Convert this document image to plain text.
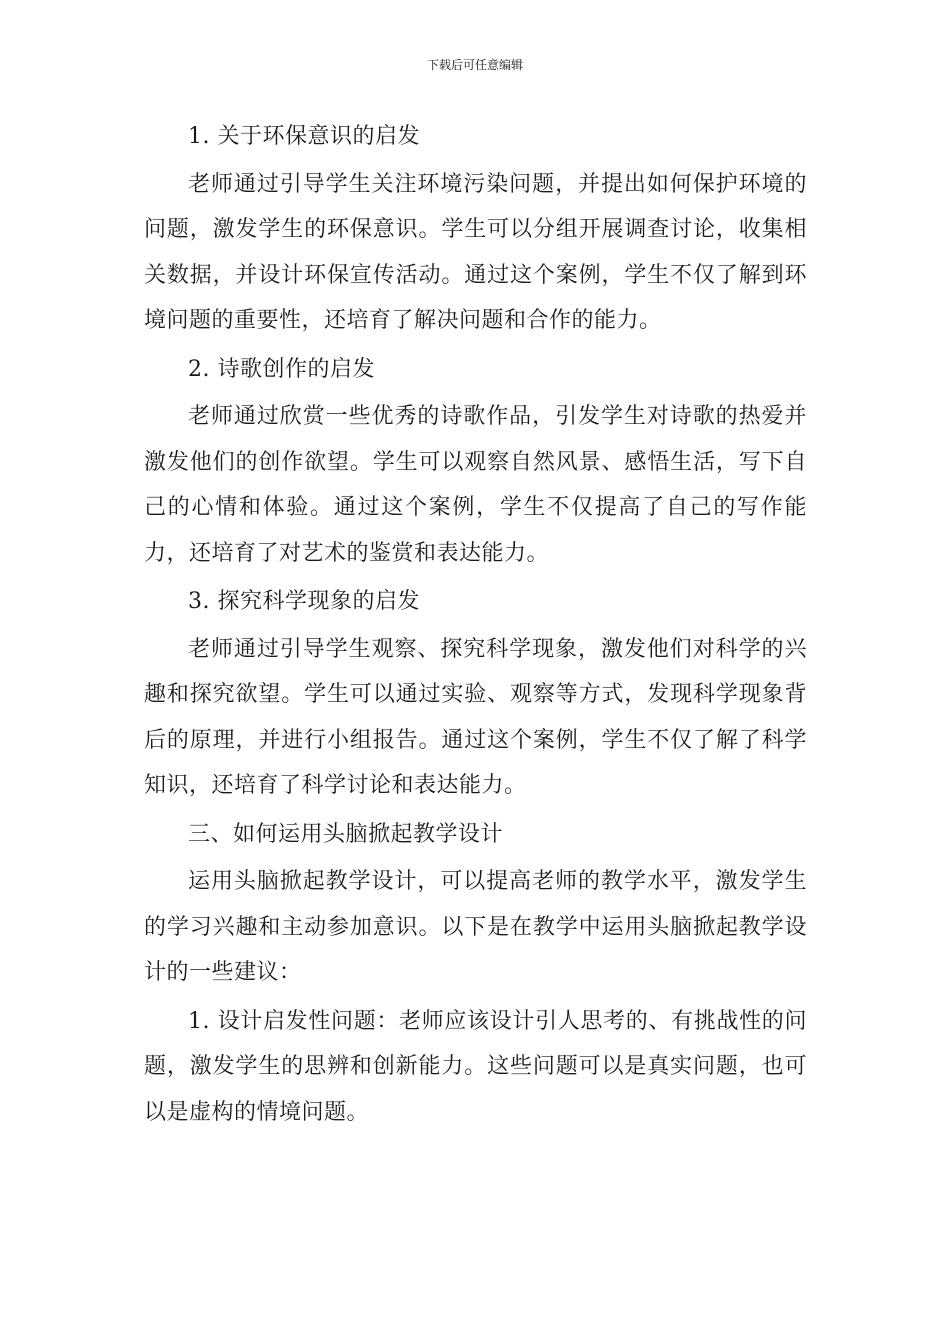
下载后可任意编辑

1. 关于环保意识的启发

老师通过引导学生关注环境污染问题，并提出如何保护环境的问题，激发学生的环保意识。学生可以分组开展调查讨论，收集相关数据，并设计环保宣传活动。通过这个案例，学生不仅了解到环境问题的重要性，还培育了解决问题和合作的能力。

2. 诗歌创作的启发

老师通过欣赏一些优秀的诗歌作品，引发学生对诗歌的热爱并激发他们的创作欲望。学生可以观察自然风景、感悟生活，写下自己的心情和体验。通过这个案例，学生不仅提高了自己的写作能力，还培育了对艺术的鉴赏和表达能力。

3. 探究科学现象的启发

老师通过引导学生观察、探究科学现象，激发他们对科学的兴趣和探究欲望。学生可以通过实验、观察等方式，发现科学现象背后的原理，并进行小组报告。通过这个案例，学生不仅了解了科学知识，还培育了科学讨论和表达能力。

三、如何运用头脑掀起教学设计

运用头脑掀起教学设计，可以提高老师的教学水平，激发学生的学习兴趣和主动参加意识。以下是在教学中运用头脑掀起教学设计的一些建议：

1. 设计启发性问题：老师应该设计引人思考的、有挑战性的问题，激发学生的思辨和创新能力。这些问题可以是真实问题，也可以是虚构的情境问题。
